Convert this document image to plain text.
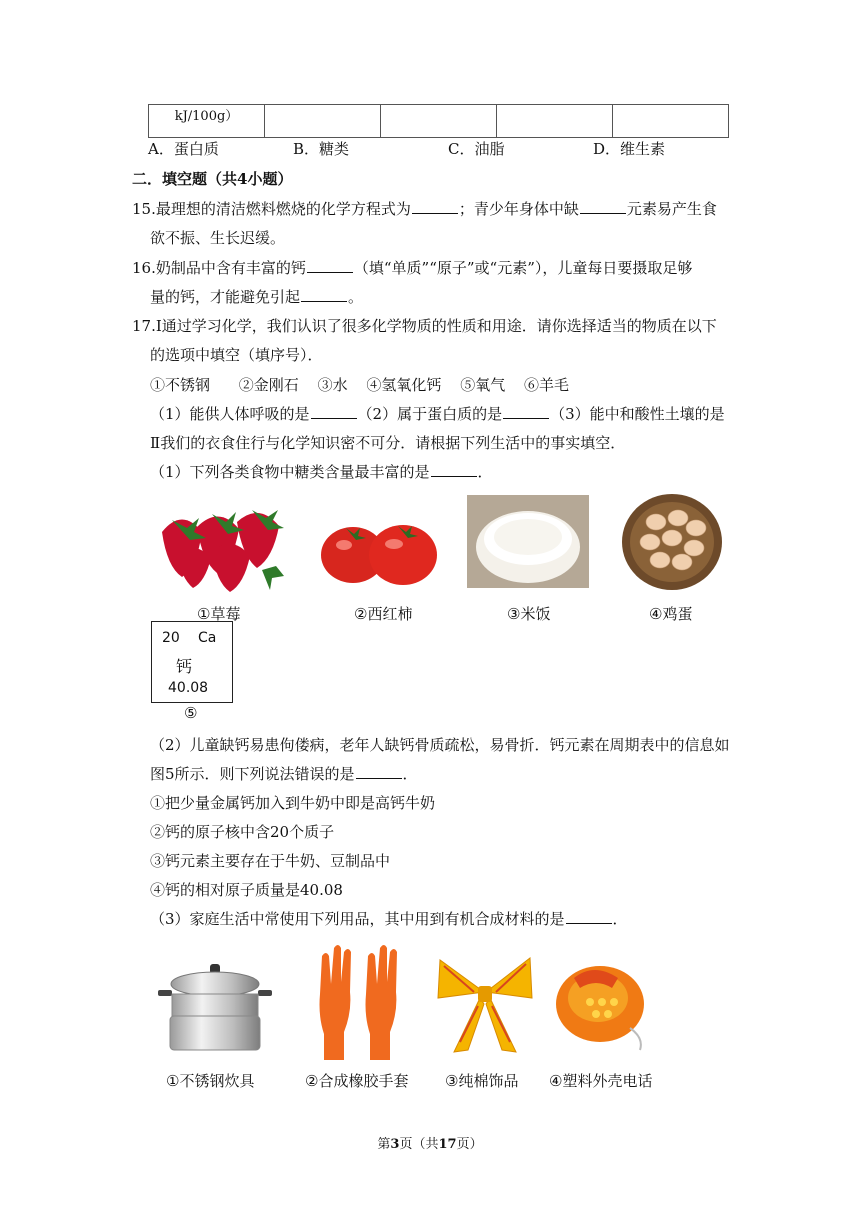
kJ/100g）				
A．蛋白质	B．糖类	C．油脂	D．维生素
二．填空题（共4小题）
15.最理想的清洁燃料燃烧的化学方程式为	；青少年身体中缺	元素易产生食
欲不振、生长迟缓。
16.奶制品中含有丰富的钙	（填“单质”“原子”或“元素”），儿童每日要摄取足够
量的钙，才能避免引起	。
17.Ⅰ通过学习化学，我们认识了很多化学物质的性质和用途．请你选择适当的物质在以下
的选项中填空（填序号）．
①不锈钢 ②金刚石 ③水 ④氢氧化钙 ⑤氧气 ⑥羊毛
（1）能供人体呼吸的是	（2）属于蛋白质的是	（3）能中和酸性土壤的是
Ⅱ我们的衣食住行与化学知识密不可分．请根据下列生活中的事实填空．
（1）下列各类食物中糖类含量最丰富的是	．
①草莓	②西红柿	③米饭	④鸡蛋
20 Ca
钙
40.08
⑤
（2）儿童缺钙易患佝偻病，老年人缺钙骨质疏松，易骨折．钙元素在周期表中的信息如
图5所示．则下列说法错误的是	．
①把少量金属钙加入到牛奶中即是高钙牛奶
②钙的原子核中含20个质子
③钙元素主要存在于牛奶、豆制品中
④钙的相对原子质量是40.08
（3）家庭生活中常使用下列用品，其中用到有机合成材料的是	．
①不锈钢炊具	②合成橡胶手套 ③纯棉饰品 ④塑料外壳电话
第3页（共17页）
